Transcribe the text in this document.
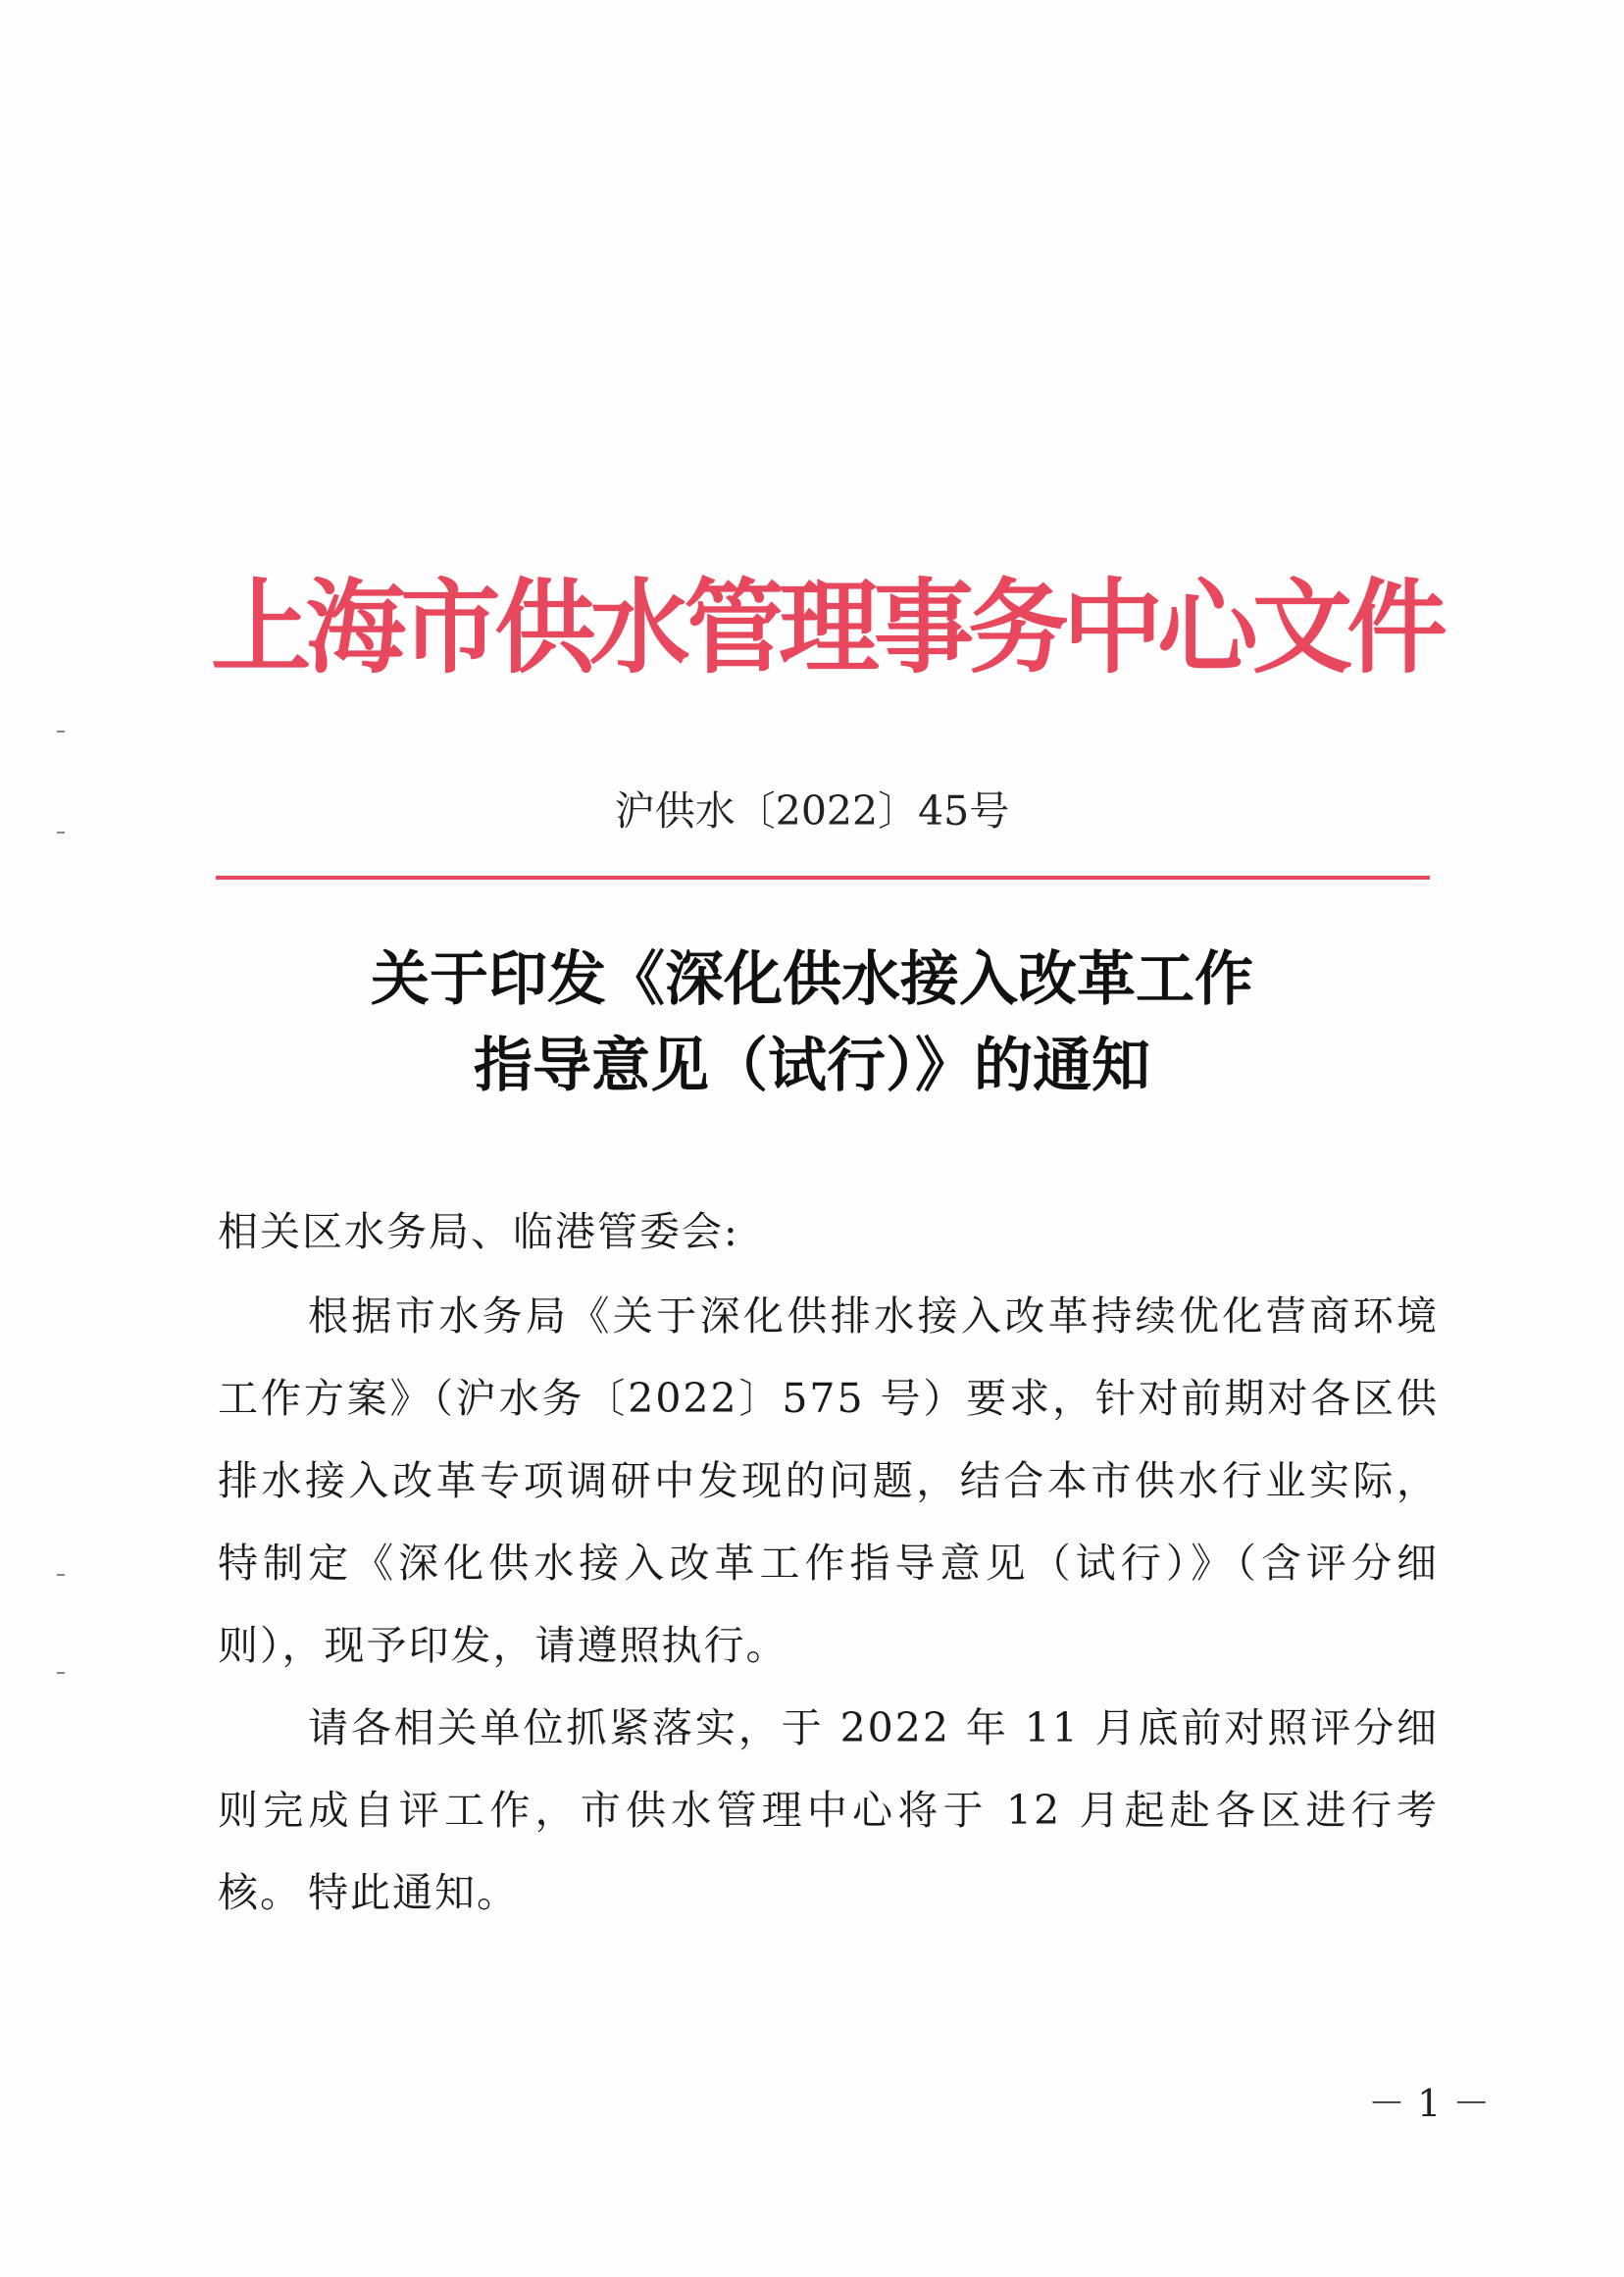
上海市供水管理事务中心文件
沪供水〔2022〕45号
关于印发《深化供水接入改革工作
指导意见（试行）》的通知
相关区水务局、临港管委会:

根据市水务局《关于深化供排水接入改革持续优化营商环境工作方案》（沪水务〔2022〕575 号）要求，针对前期对各区供排水接入改革专项调研中发现的问题，结合本市供水行业实际，特制定《深化供水接入改革工作指导意见（试行）》（含评分细则），现予印发，请遵照执行。

请各相关单位抓紧落实，于 2022 年 11 月底前对照评分细则完成自评工作，市供水管理中心将于 12 月起赴各区进行考核。 特此通知。

－ 1 －
